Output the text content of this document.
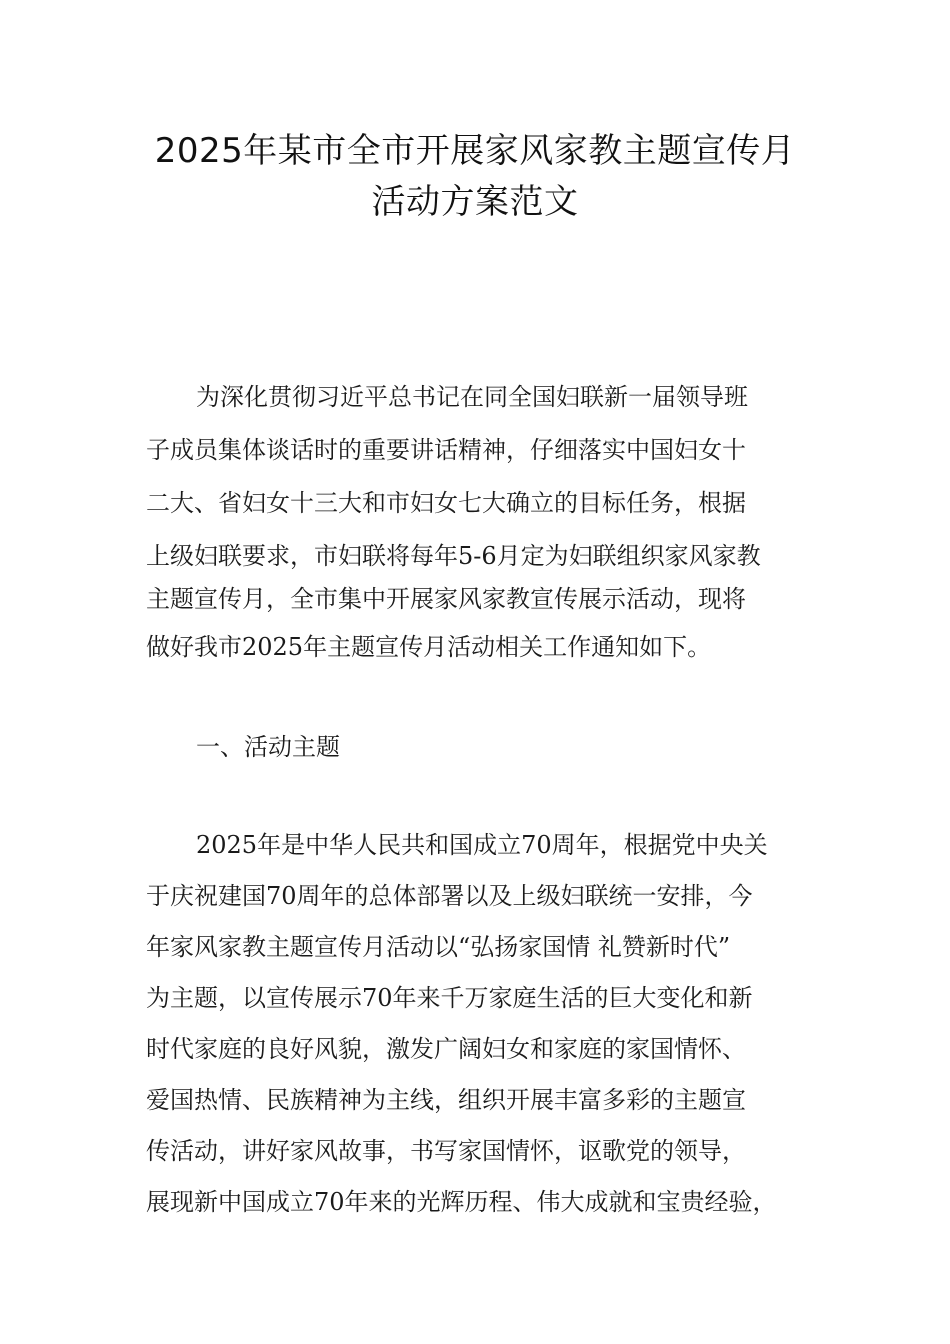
2025年某市全市开展家风家教主题宣传月
活动方案范文
为深化贯彻习近平总书记在同全国妇联新一届领导班
子成员集体谈话时的重要讲话精神，仔细落实中国妇女十
二大、省妇女十三大和市妇女七大确立的目标任务，根据
上级妇联要求，市妇联将每年5-6月定为妇联组织家风家教
主题宣传月，全市集中开展家风家教宣传展示活动，现将
做好我市2025年主题宣传月活动相关工作通知如下。
一、活动主题
2025年是中华人民共和国成立70周年，根据党中央关
于庆祝建国70周年的总体部署以及上级妇联统一安排，今
年家风家教主题宣传月活动以“弘扬家国情 礼赞新时代”
为主题，以宣传展示70年来千万家庭生活的巨大变化和新
时代家庭的良好风貌，激发广阔妇女和家庭的家国情怀、
爱国热情、民族精神为主线，组织开展丰富多彩的主题宣
传活动，讲好家风故事，书写家国情怀，讴歌党的领导，
展现新中国成立70年来的光辉历程、伟大成就和宝贵经验，
